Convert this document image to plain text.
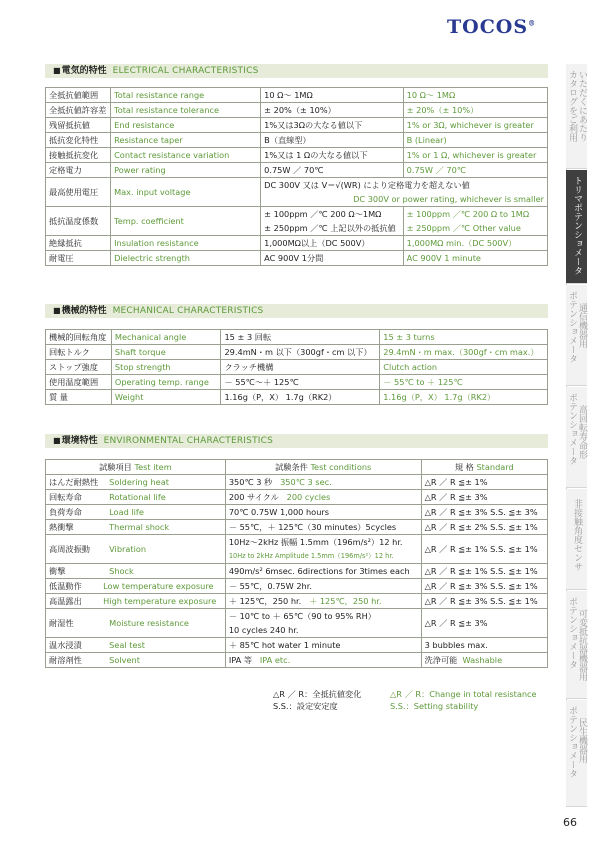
TOCOS®
■ 電気的特性 ELECTRICAL CHARACTERISTICS
全抵抗値範囲	Total resistance range	10 Ω～ 1MΩ	10 Ω～ 1MΩ
全抵抗値許容差	Total resistance tolerance	± 20%（± 10%）	± 20%（± 10%）
残留抵抗値	End resistance	1%又は3Ωの大なる値以下	1% or 3Ω, whichever is greater
抵抗変化特性	Resistance taper	B（直線型）	B (Linear)
接触抵抗変化	Contact resistance variation	1%又は 1 Ωの大なる値以下	1% or 1 Ω, whichever is greater
定格電力	Power rating	0.75W ／ 70℃	0.75W ／ 70℃
最高使用電圧	Max. input voltage	DC 300V 又は V＝√(WR) により定格電力を超えない値
DC 300V or power rating, whichever is smaller	

抵抗温度係数	Temp. coefficient	± 100ppm ／℃ 200 Ω～1MΩ
± 250ppm ／℃ 上記以外の抵抗値	± 100ppm ／℃ 200 Ω to 1MΩ
± 250ppm ／℃ Other value

絶縁抵抗	Insulation resistance	1,000MΩ以上（DC 500V）	1,000MΩ min.（DC 500V）
耐電圧	Dielectric strength	AC 900V 1分間	AC 900V 1 minute
■ 機械的特性 MECHANICAL CHARACTERISTICS
機械的回転角度	Mechanical angle	15 ± 3 回転	15 ± 3 turns
回転トルク	Shaft torque	29.4mN・m 以下（300gf・cm 以下）	29.4mN・m max.（300gf・cm max.）
ストップ強度	Stop strength	クラッチ機構	Clutch action
使用温度範囲	Operating temp. range	－ 55℃～＋ 125℃	－ 55℃ to ＋ 125℃
質 量	Weight	1.16g（P，X） 1.7g（RK2）	1.16g（P，X） 1.7g（RK2）
■ 環境特性 ENVIRONMENTAL CHARACTERISTICS
試験項目 Test item		試験条件 Test conditions	規 格 Standard
はんだ耐熱性	Soldering heat	350℃ 3 秒 350℃ 3 sec.	△R ／ R ≦± 1%
回転寿命	Rotational life	200 サイクル 200 cycles	△R ／ R ≦± 3%
負荷寿命	Load life	70℃ 0.75W 1,000 hours	△R ／ R ≦± 3% S.S. ≦± 3%
熱衝撃	Thermal shock	－ 55℃，＋ 125℃（30 minutes）5cycles	△R ／ R ≦± 2% S.S. ≦± 1%
高周波振動	Vibration	10Hz～2kHz 振幅 1.5mm（196m/s²）12 hr.
10Hz to 2kHz Amplitude 1.5mm（196m/s²）12 hr.	△R ／ R ≦± 1% S.S. ≦± 1%
衝撃	Shock	490m/s² 6msec. 6directions for 3times each	△R ／ R ≦± 1% S.S. ≦± 1%
低温動作	Low temperature exposure	－ 55℃，0.75W 2hr.	△R ／ R ≦± 3% S.S. ≦± 1%
高温露出	High temperature exposure	＋ 125℃，250 hr. ＋ 125℃，250 hr.	△R ／ R ≦± 3% S.S. ≦± 1%
耐湿性	Moisture resistance	－ 10℃ to ＋ 65℃（90 to 95% RH）
10 cycles 240 hr.	△R ／ R ≦± 3%
温水浸漬	Seal test	＋ 85℃ hot water 1 minute	3 bubbles max.
耐溶剤性	Solvent	IPA 等 IPA etc.	洗浄可能 Washable
△R ／ R：全抵抗値変化	△R ／ R：Change in total resistance
S.S.：設定安定度	S.S.：Setting stability
カタログをご利用 いただくにあたり
トリマポテンショメータ
ポテンショメータ 通信機器用
ポテンショメータ 高回転寿命形
非接触角度センサ
ポテンショメータ 可変抵抗器機器用
ポテンショメータ 民生機器用
66
